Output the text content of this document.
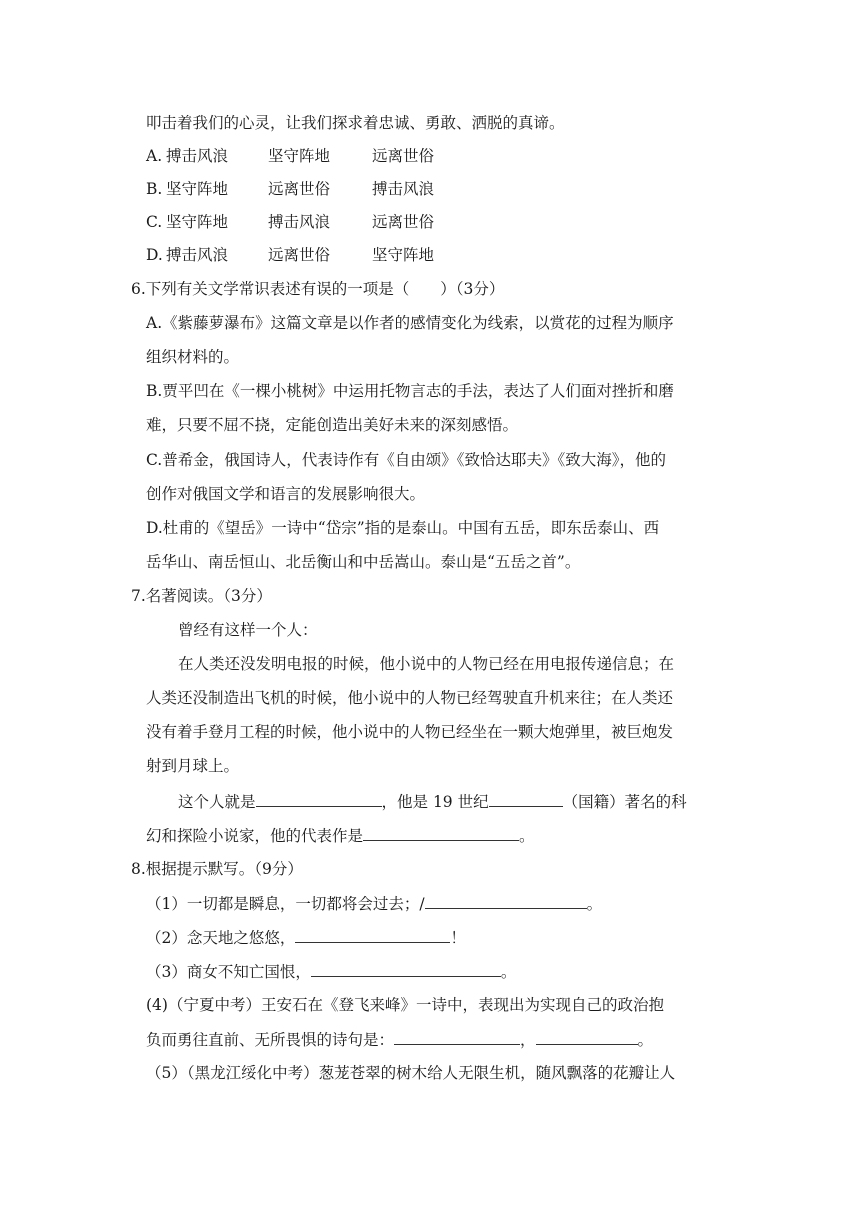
叩击着我们的心灵，让我们探求着忠诚、勇敢、洒脱的真谛。
A. 搏击风浪	坚守阵地	远离世俗
B. 坚守阵地	远离世俗	搏击风浪
C. 坚守阵地	搏击风浪	远离世俗
D. 搏击风浪	远离世俗	坚守阵地
6.下列有关文学常识表述有误的一项是（　　）（3分）
A.《紫藤萝瀑布》这篇文章是以作者的感情变化为线索，以赏花的过程为顺序
组织材料的。
B.贾平凹在《一棵小桃树》中运用托物言志的手法，表达了人们面对挫折和磨
难，只要不屈不挠，定能创造出美好未来的深刻感悟。
C.普希金，俄国诗人，代表诗作有《自由颂》《致恰达耶夫》《致大海》，他的
创作对俄国文学和语言的发展影响很大。
D.杜甫的《望岳》一诗中“岱宗”指的是泰山。中国有五岳，即东岳泰山、西
岳华山、南岳恒山、北岳衡山和中岳嵩山。泰山是“五岳之首”。
7.名著阅读。（3分）
曾经有这样一个人：
在人类还没发明电报的时候，他小说中的人物已经在用电报传递信息；在
人类还没制造出飞机的时候，他小说中的人物已经驾驶直升机来往；在人类还
没有着手登月工程的时候，他小说中的人物已经坐在一颗大炮弹里，被巨炮发
射到月球上。
这个人就是	，他是 19 世纪	（国籍）著名的科
幻和探险小说家，他的代表作是	。
8.根据提示默写。（9分）
（1）一切都是瞬息，一切都将会过去；/	。
（2）念天地之悠悠，	！
（3）商女不知亡国恨，	。
(4)（宁夏中考）王安石在《登飞来峰》一诗中，表现出为实现自己的政治抱
负而勇往直前、无所畏惧的诗句是：	，	。
（5）（黑龙江绥化中考）葱茏苍翠的树木给人无限生机，随风飘落的花瓣让人
